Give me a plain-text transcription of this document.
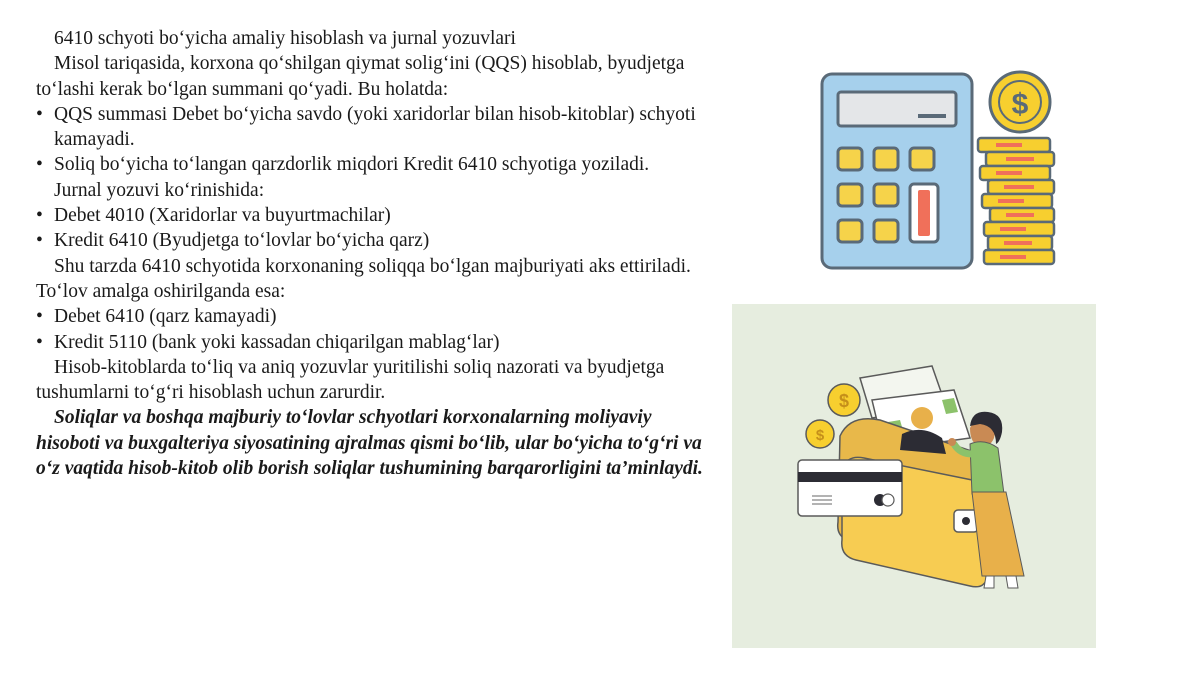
6410 schyoti bo‘yicha amaliy hisoblash va jurnal yozuvlari

Misol tariqasida, korxona qo‘shilgan qiymat solig‘ini (QQS) hisoblab, byudjetga to‘lashi kerak bo‘lgan summani qo‘yadi. Bu holatda:

• QQS summasi Debet bo‘yicha savdo (yoki xaridorlar bilan hisob-kitoblar) schyoti kamayadi.

• Soliq bo‘yicha to‘langan qarzdorlik miqdori Kredit 6410 schyotiga yoziladi.

Jurnal yozuvi ko‘rinishida:

• Debet 4010 (Xaridorlar va buyurtmachilar)

• Kredit 6410 (Byudjetga to‘lovlar bo‘yicha qarz)

Shu tarzda 6410 schyotida korxonaning soliqqa bo‘lgan majburiyati aks ettiriladi. To‘lov amalga oshirilganda esa:

• Debet 6410 (qarz kamayadi)

• Kredit 5110 (bank yoki kassadan chiqarilgan mablag‘lar)

Hisob-kitoblarda to‘liq va aniq yozuvlar yuritilishi soliq nazorati va byudjetga tushumlarni to‘g‘ri hisoblash uchun zarurdir.

Soliqlar va boshqa majburiy to‘lovlar schyotlari korxonalarning moliyaviy hisoboti va buxgalteriya siyosatining ajralmas qismi bo‘lib, ular bo‘yicha to‘g‘ri va o‘z vaqtida hisob-kitob olib borish soliqlar tushumining barqarorligini ta’minlaydi.

$
$
$
